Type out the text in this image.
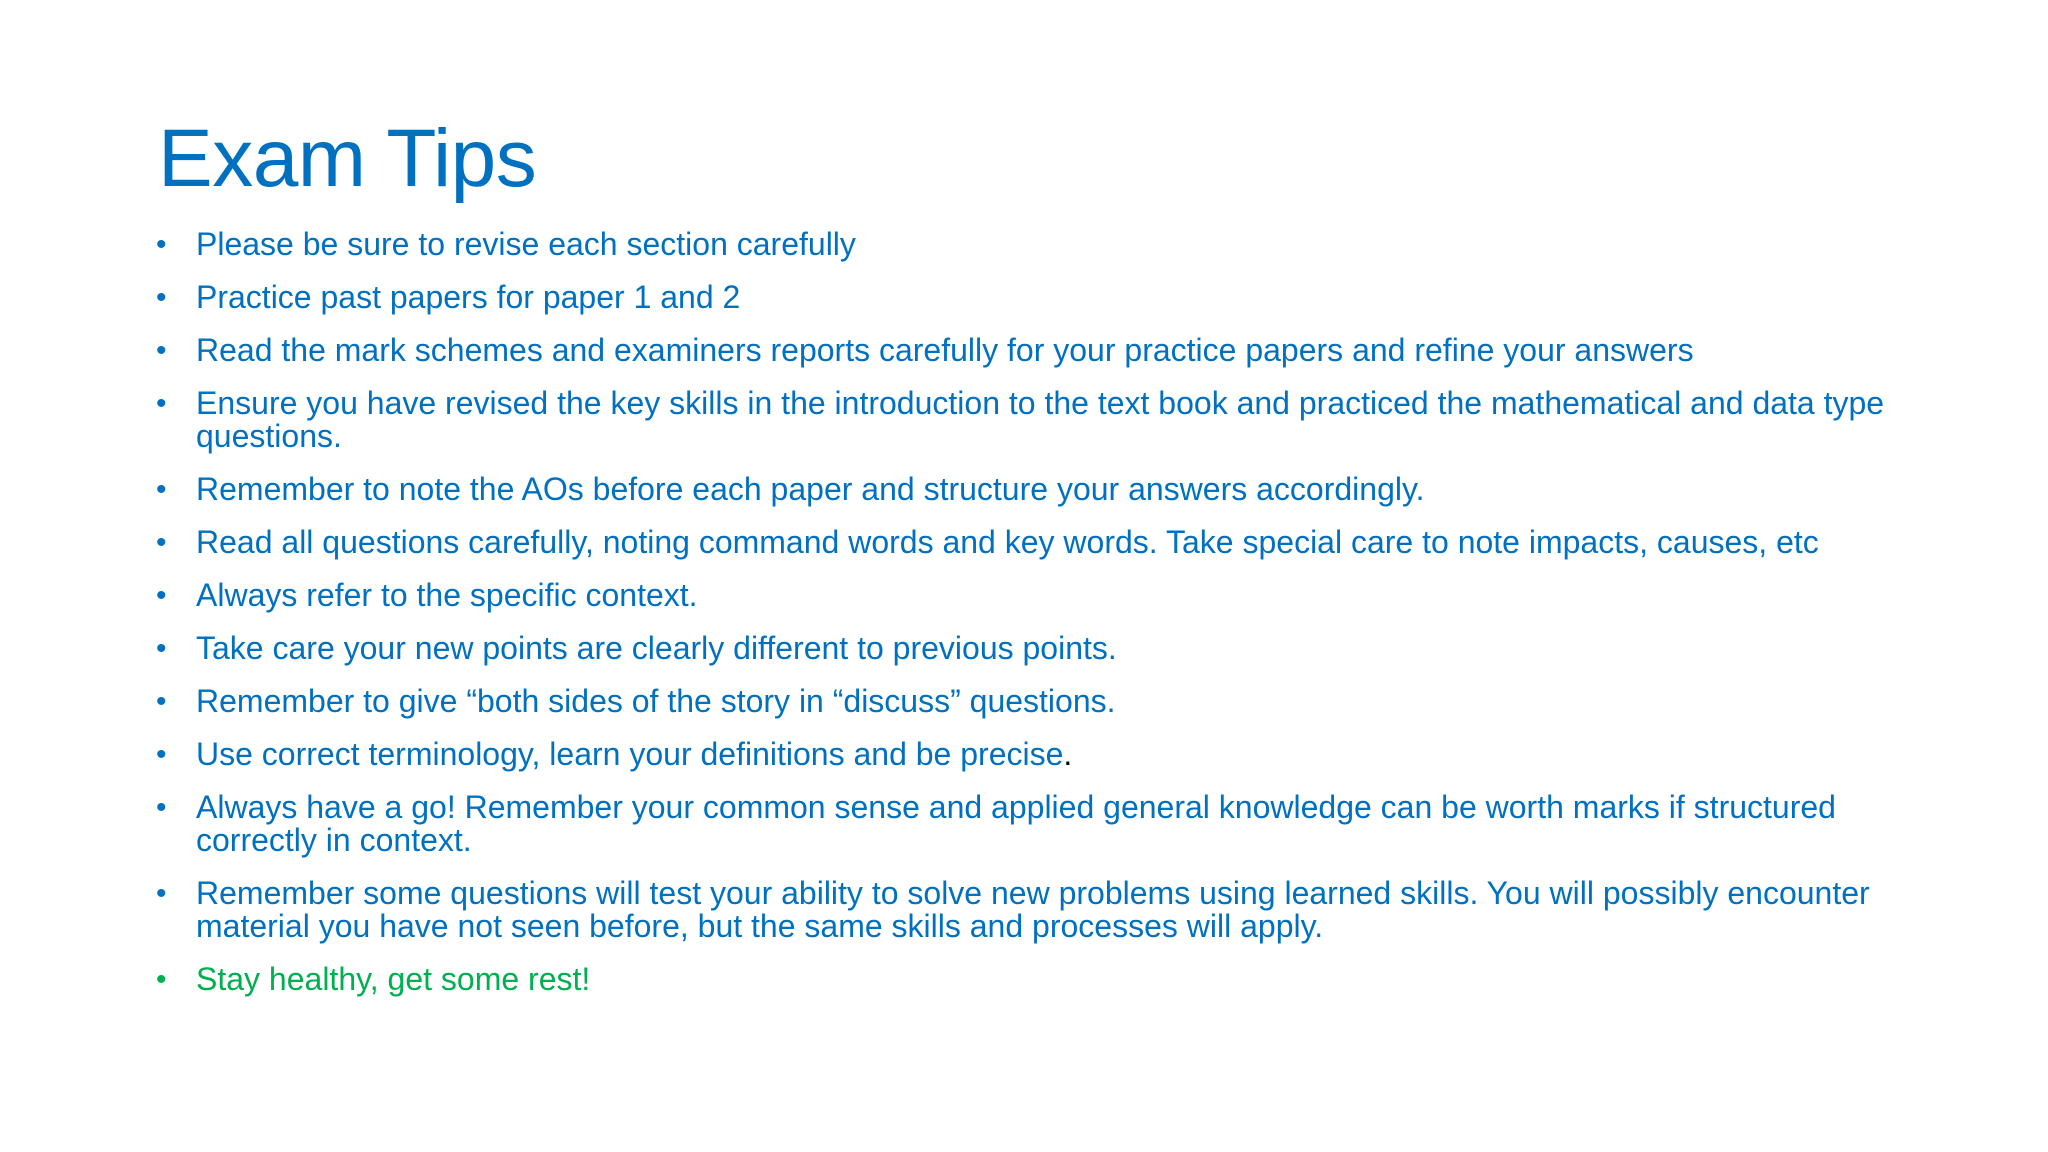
Exam Tips
• Please be sure to revise each section carefully
• Practice past papers for paper 1 and 2
• Read the mark schemes and examiners reports carefully for your practice papers and refine your answers
• Ensure you have revised the key skills in the introduction to the text book and practiced the mathematical and data type questions.
• Remember to note the AOs before each paper and structure your answers accordingly.
• Read all questions carefully, noting command words and key words. Take special care to note impacts, causes, etc
• Always refer to the specific context.
• Take care your new points are clearly different to previous points.
• Remember to give “both sides of the story in “discuss” questions.
• Use correct terminology, learn your definitions and be precise.
• Always have a go! Remember your common sense and applied general knowledge can be worth marks if structured correctly in context.
• Remember some questions will test your ability to solve new problems using learned skills. You will possibly encounter material you have not seen before, but the same skills and processes will apply.
• Stay healthy, get some rest!
